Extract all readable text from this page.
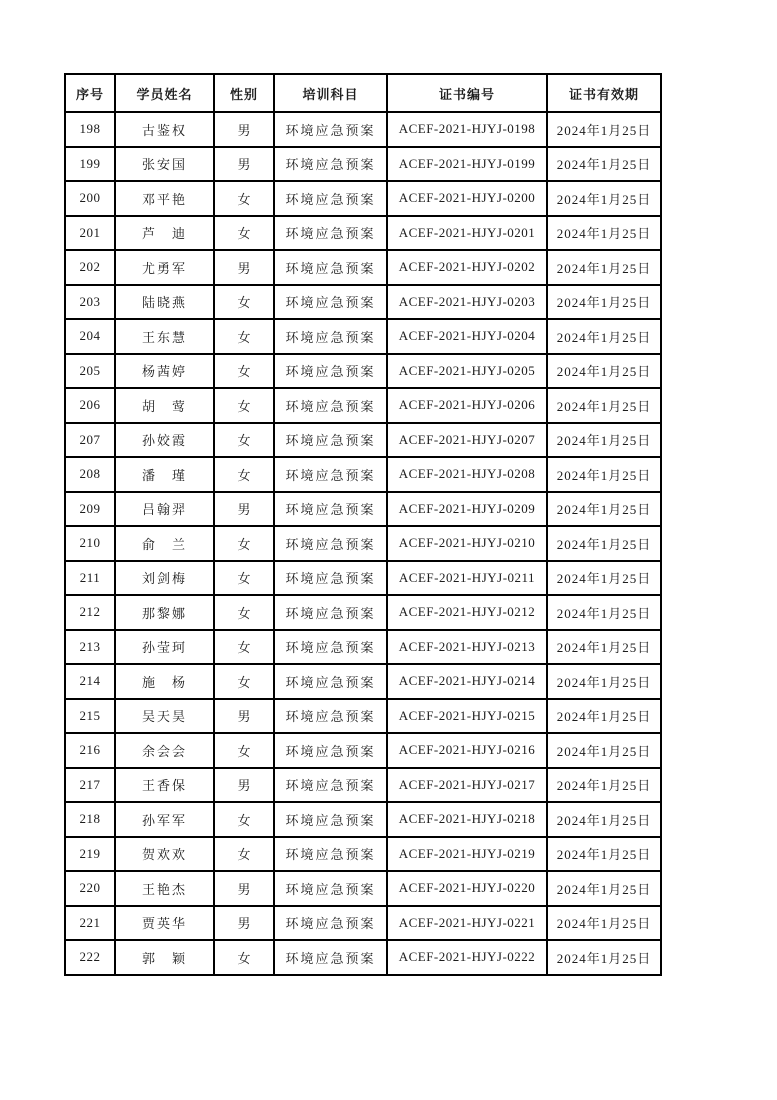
序号	学员姓名	性别	培训科目	证书编号	证书有效期
198	古鉴权	男	环境应急预案	ACEF-2021-HJYJ-0198	2024年1月25日
199	张安国	男	环境应急预案	ACEF-2021-HJYJ-0199	2024年1月25日
200	邓平艳	女	环境应急预案	ACEF-2021-HJYJ-0200	2024年1月25日
201	芦　迪	女	环境应急预案	ACEF-2021-HJYJ-0201	2024年1月25日
202	尤勇军	男	环境应急预案	ACEF-2021-HJYJ-0202	2024年1月25日
203	陆晓燕	女	环境应急预案	ACEF-2021-HJYJ-0203	2024年1月25日
204	王东慧	女	环境应急预案	ACEF-2021-HJYJ-0204	2024年1月25日
205	杨茜婷	女	环境应急预案	ACEF-2021-HJYJ-0205	2024年1月25日
206	胡　莺	女	环境应急预案	ACEF-2021-HJYJ-0206	2024年1月25日
207	孙姣霞	女	环境应急预案	ACEF-2021-HJYJ-0207	2024年1月25日
208	潘　瑾	女	环境应急预案	ACEF-2021-HJYJ-0208	2024年1月25日
209	吕翰羿	男	环境应急预案	ACEF-2021-HJYJ-0209	2024年1月25日
210	俞　兰	女	环境应急预案	ACEF-2021-HJYJ-0210	2024年1月25日
211	刘剑梅	女	环境应急预案	ACEF-2021-HJYJ-0211	2024年1月25日
212	那黎娜	女	环境应急预案	ACEF-2021-HJYJ-0212	2024年1月25日
213	孙莹珂	女	环境应急预案	ACEF-2021-HJYJ-0213	2024年1月25日
214	施　杨	女	环境应急预案	ACEF-2021-HJYJ-0214	2024年1月25日
215	吴天昊	男	环境应急预案	ACEF-2021-HJYJ-0215	2024年1月25日
216	余会会	女	环境应急预案	ACEF-2021-HJYJ-0216	2024年1月25日
217	王香保	男	环境应急预案	ACEF-2021-HJYJ-0217	2024年1月25日
218	孙军军	女	环境应急预案	ACEF-2021-HJYJ-0218	2024年1月25日
219	贺欢欢	女	环境应急预案	ACEF-2021-HJYJ-0219	2024年1月25日
220	王艳杰	男	环境应急预案	ACEF-2021-HJYJ-0220	2024年1月25日
221	贾英华	男	环境应急预案	ACEF-2021-HJYJ-0221	2024年1月25日
222	郭　颖	女	环境应急预案	ACEF-2021-HJYJ-0222	2024年1月25日
